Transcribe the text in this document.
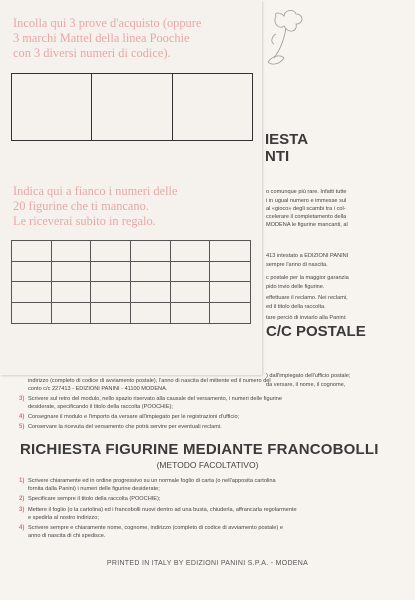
IESTA
NTI

o comunque più rare. Infatti tutte
i in ugual numero e immesse sul
al «gioco» degli scambi tra i col-
ccelerare il completamento della
MODENA le figurine mancanti, al

413 intestato a EDIZIONI PANINI
sempre l'anno di nascita.

c postale per la maggior garanzia
pido invio delle figurine.

effettuare il reclamo. Nei reclami,
ed il titolo della raccolta.

tare perciò di inviarlo alla Panini:

C/C POSTALE

) dall'impiegato dell'ufficio postale;
da versare, il nome, il cognome,

indirizzo (completo di codice di avviamento postale), l'anno di nascita del mittente ed il numero del
conto c/c 227413 - EDIZIONI PANINI - 41100 MODENA.
3) Scrivere sul retro del modulo, nello spazio riservato alla causale del versamento, i numeri delle figurine
desiderate, specificando il titolo della raccolta (POOCHIE);
4) Consegnare il modulo e l'importo da versare all'impiegato per le registrazioni d'ufficio;
5) Conservare la ricevuta del versamento che potrà servire per eventuali reclami.
RICHIESTA FIGURINE MEDIANTE FRANCOBOLLI
(METODO FACOLTATIVO)
1) Scrivere chiaramente ed in ordine progressivo su un normale foglio di carta (o nell'apposita cartolina
fornita dalla Panini) i numeri delle figurine desiderate;
2) Specificare sempre il titolo della raccolta (POOCHIE);
3) Mettere il foglio (o la cartolina) ed i francobolli nuovi dentro ad una busta, chiuderla, affrancarla regolarmente
e spedirla al nostro indirizzo;
4) Scrivere sempre e chiaramente nome, cognome, indirizzo (completo di codice di avviamento postale) e
anno di nascita di chi spedisce.
PRINTED IN ITALY BY EDIZIONI PANINI S.P.A. - MODENA
Incolla qui 3 prove d'acquisto (oppure
3 marchi Mattel della linea Poochie
con 3 diversi numeri di codice).
Indica qui a fianco i numeri delle
20 figurine che ti mancano.
Le riceverai subito in regalo.
